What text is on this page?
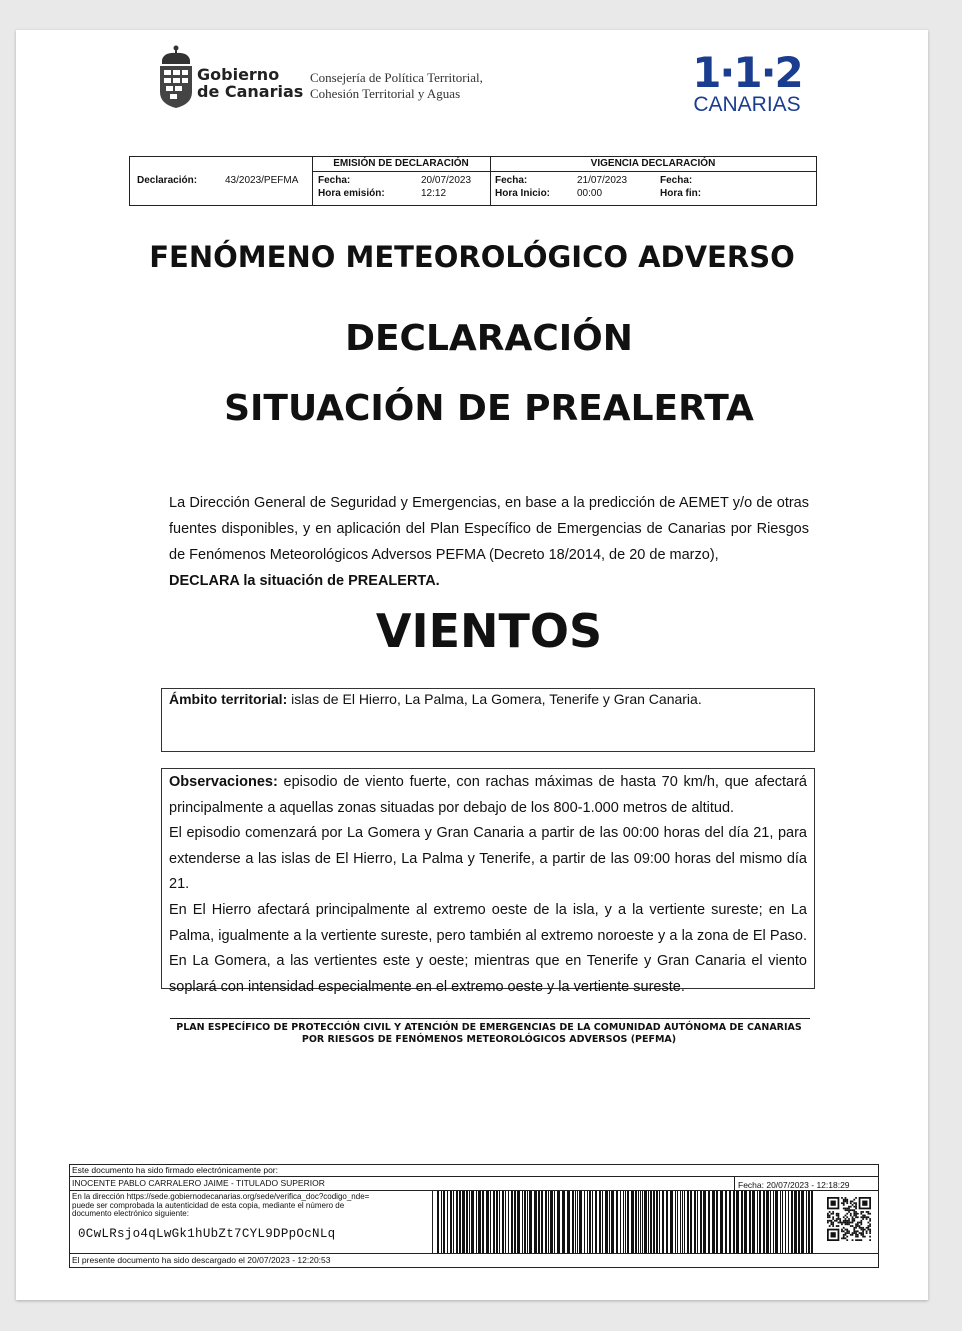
Gobierno
de Canarias
Consejería de Política Territorial,
Cohesión Territorial y Aguas	1·1·2
CANARIAS
Declaración:	43/2023/PEFMA
EMISIÓN DE DECLARACIÓN
Fecha:	20/07/2023
Hora emisión:	12:12
VIGENCIA DECLARACIÓN
Fecha:	21/07/2023
Hora Inicio:	00:00
Fecha:
Hora fin:
FENÓMENO METEOROLÓGICO ADVERSO
DECLARACIÓN
SITUACIÓN DE PREALERTA
La Dirección General de Seguridad y Emergencias, en base a la predicción de AEMET y/o de otras fuentes disponibles, y en aplicación del Plan Específico de Emergencias de Canarias por Riesgos de Fenómenos Meteorológicos Adversos PEFMA (Decreto 18/2014, de 20 de marzo),
DECLARA la situación de PREALERTA.
VIENTOS
Ámbito territorial: islas de El Hierro, La Palma, La Gomera, Tenerife y Gran Canaria.

Observaciones: episodio de viento fuerte, con rachas máximas de hasta 70 km/h, que afectará principalmente a aquellas zonas situadas por debajo de los 800-1.000 metros de altitud.

El episodio comenzará por La Gomera y Gran Canaria a partir de las 00:00 horas del día 21, para extenderse a las islas de El Hierro, La Palma y Tenerife, a partir de las 09:00 horas del mismo día 21.

En El Hierro afectará principalmente al extremo oeste de la isla, y a la vertiente sureste; en La Palma, igualmente a la vertiente sureste, pero también al extremo noroeste y a la zona de El Paso. En La Gomera, a las vertientes este y oeste; mientras que en Tenerife y Gran Canaria el viento soplará con intensidad especialmente en el extremo oeste y la vertiente sureste.

PLAN ESPECÍFICO DE PROTECCIÓN CIVIL Y ATENCIÓN DE EMERGENCIAS DE LA COMUNIDAD AUTÓNOMA DE CANARIAS
POR RIESGOS DE FENÓMENOS METEOROLÓGICOS ADVERSOS (PEFMA)
Este documento ha sido firmado electrónicamente por:
INOCENTE PABLO CARRALERO JAIME - TITULADO SUPERIOR	Fecha: 20/07/2023 - 12:18:29
En la dirección https://sede.gobiernodecanarias.org/sede/verifica_doc?codigo_nde=
puede ser comprobada la autenticidad de esta copia, mediante el número de
documento electrónico siguiente:
0CwLRsjo4qLwGk1hUbZt7CYL9DPpOcNLq
El presente documento ha sido descargado el 20/07/2023 - 12:20:53
